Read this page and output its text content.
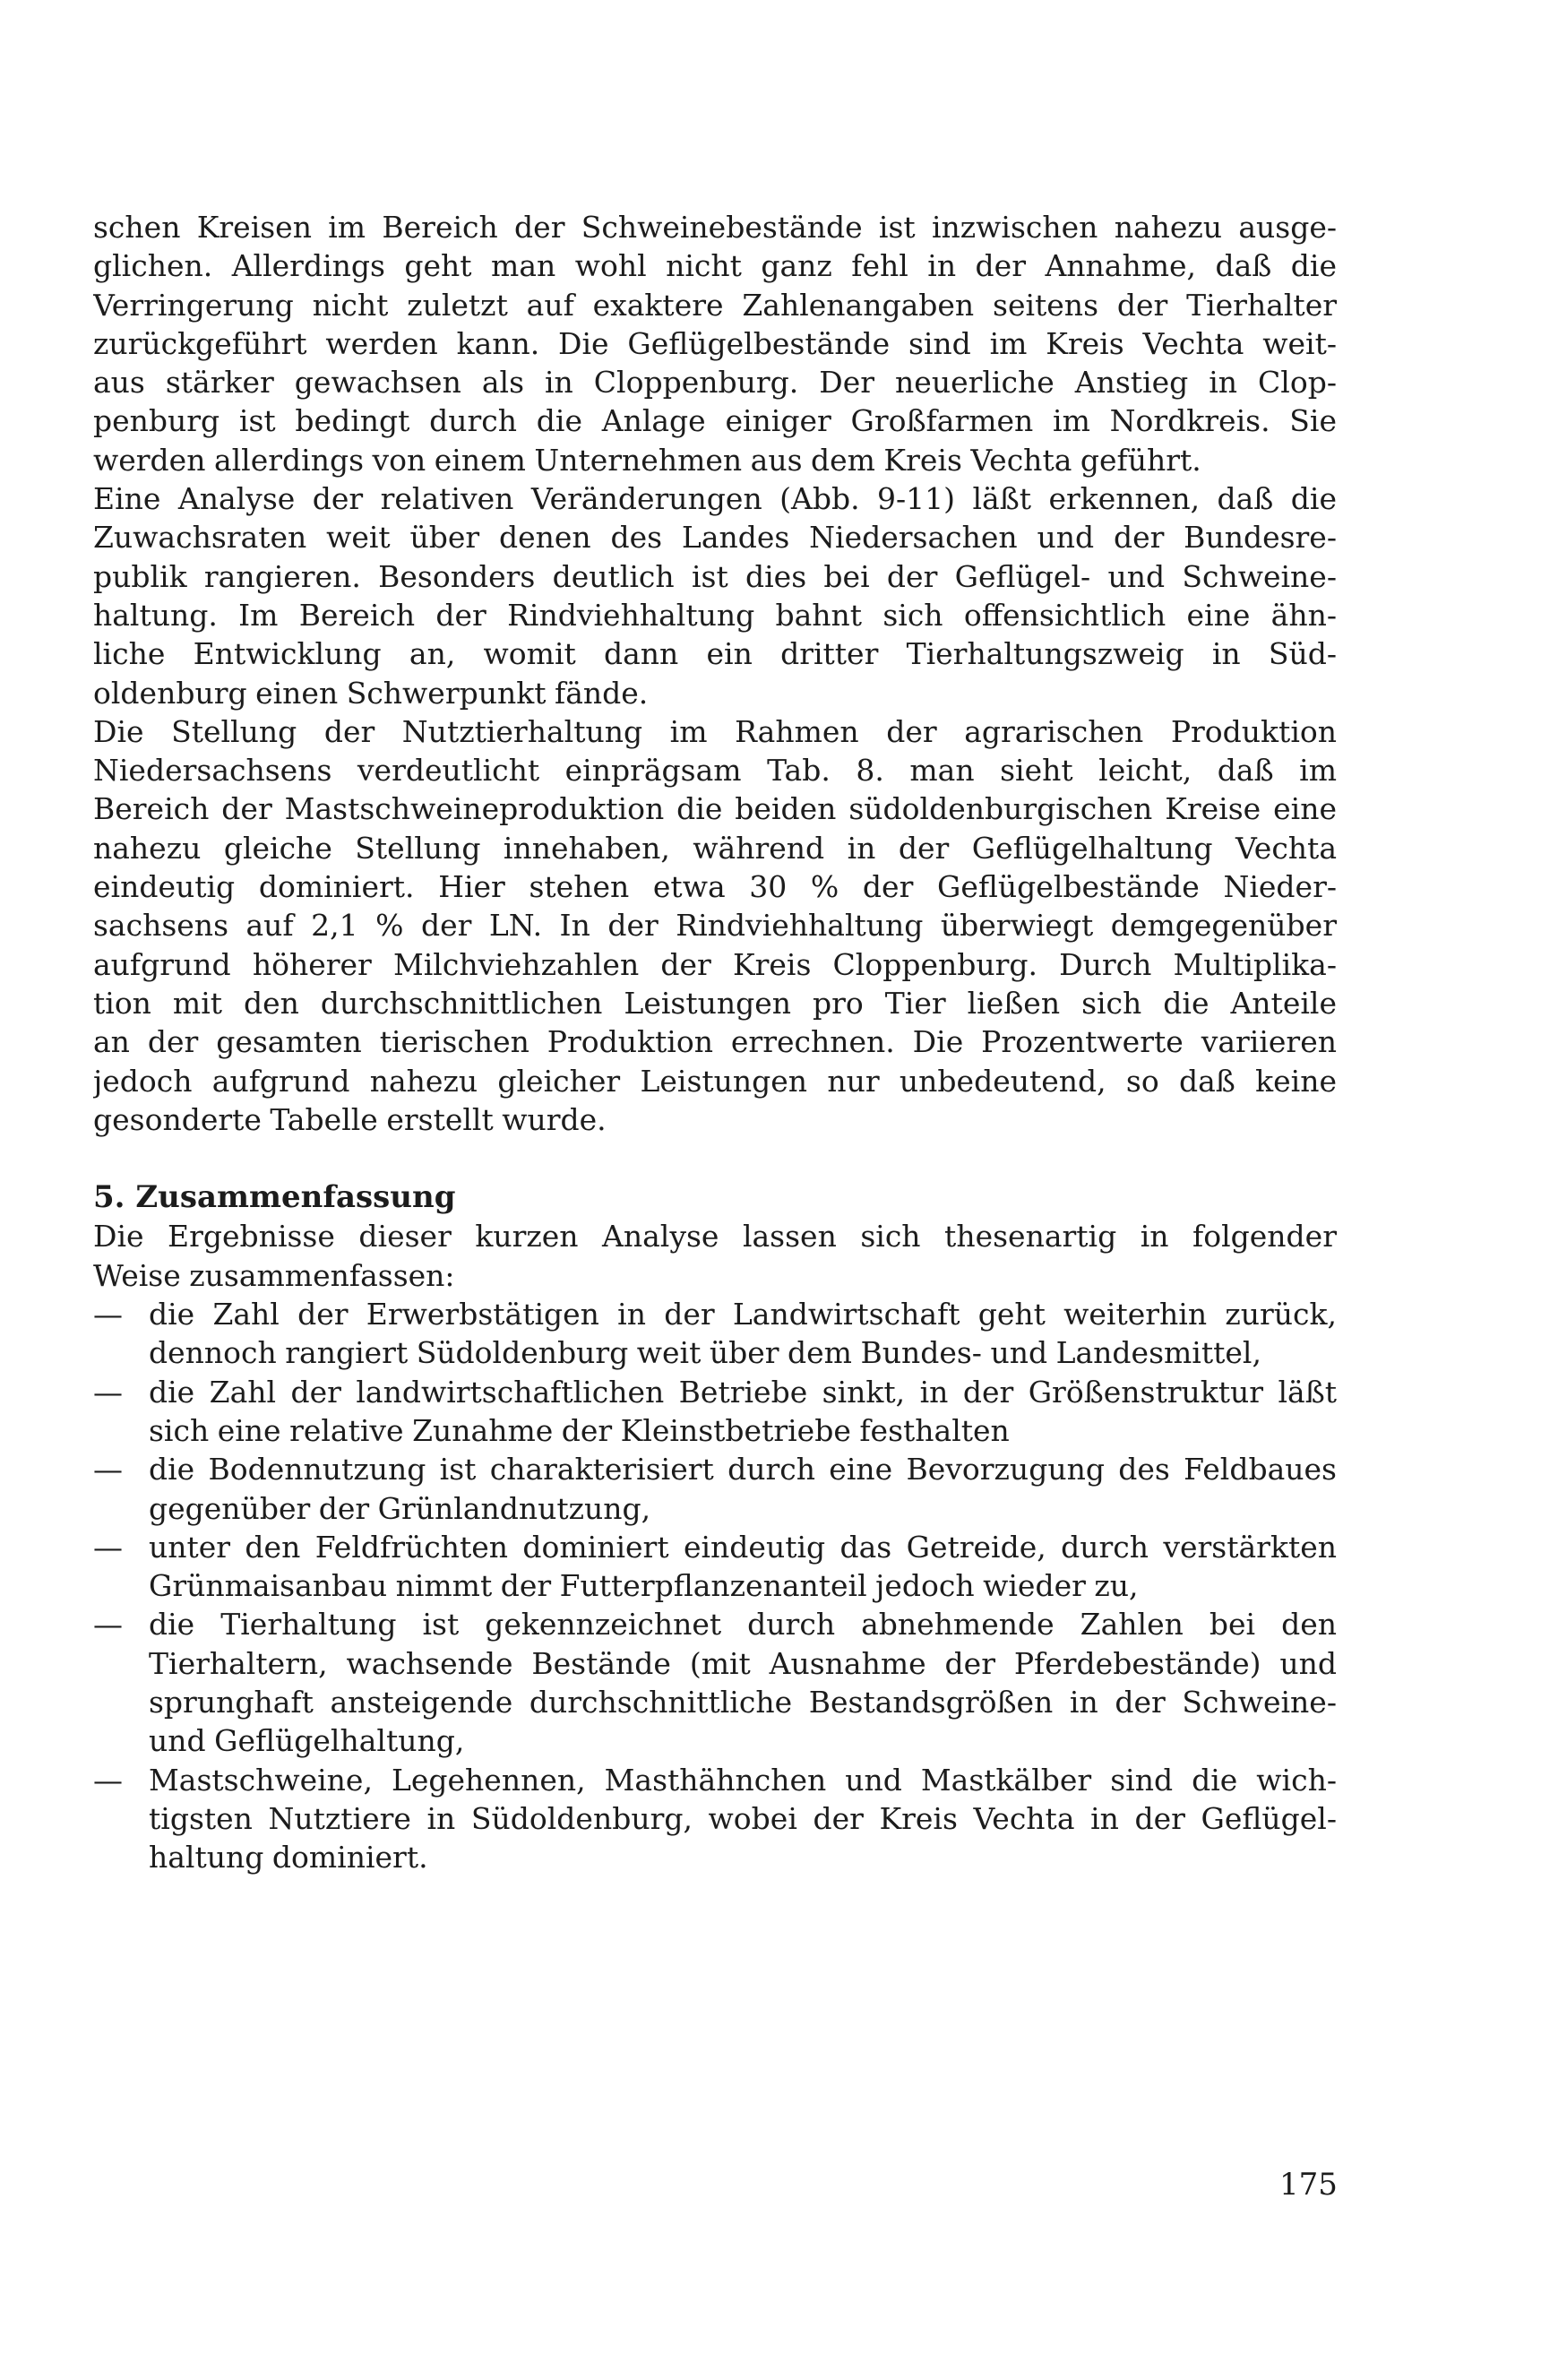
schen Kreisen im Bereich der Schweinebestände ist inzwischen nahezu ausge-
glichen. Allerdings geht man wohl nicht ganz fehl in der Annahme, daß die
Verringerung nicht zuletzt auf exaktere Zahlenangaben seitens der Tierhalter
zurückgeführt werden kann. Die Geflügelbestände sind im Kreis Vechta weit-
aus stärker gewachsen als in Cloppenburg. Der neuerliche Anstieg in Clop-
penburg ist bedingt durch die Anlage einiger Großfarmen im Nordkreis. Sie
werden allerdings von einem Unternehmen aus dem Kreis Vechta geführt.
Eine Analyse der relativen Veränderungen (Abb. 9-11) läßt erkennen, daß die
Zuwachsraten weit über denen des Landes Niedersachen und der Bundesre-
publik rangieren. Besonders deutlich ist dies bei der Geflügel- und Schweine-
haltung. Im Bereich der Rindviehhaltung bahnt sich offensichtlich eine ähn-
liche Entwicklung an, womit dann ein dritter Tierhaltungszweig in Süd-
oldenburg einen Schwerpunkt fände.
Die Stellung der Nutztierhaltung im Rahmen der agrarischen Produktion
Niedersachsens verdeutlicht einprägsam Tab. 8. man sieht leicht, daß im
Bereich der Mastschweineproduktion die beiden südoldenburgischen Kreise eine
nahezu gleiche Stellung innehaben, während in der Geflügelhaltung Vechta
eindeutig dominiert. Hier stehen etwa 30 % der Geflügelbestände Nieder-
sachsens auf 2,1 % der LN. In der Rindviehhaltung überwiegt demgegenüber
aufgrund höherer Milchviehzahlen der Kreis Cloppenburg. Durch Multiplika-
tion mit den durchschnittlichen Leistungen pro Tier ließen sich die Anteile
an der gesamten tierischen Produktion errechnen. Die Prozentwerte variieren
jedoch aufgrund nahezu gleicher Leistungen nur unbedeutend, so daß keine
gesonderte Tabelle erstellt wurde.
5. Zusammenfassung
Die Ergebnisse dieser kurzen Analyse lassen sich thesenartig in folgender
Weise zusammenfassen:
— die Zahl der Erwerbstätigen in der Landwirtschaft geht weiterhin zurück,
dennoch rangiert Südoldenburg weit über dem Bundes- und Landesmittel,
— die Zahl der landwirtschaftlichen Betriebe sinkt, in der Größenstruktur läßt
sich eine relative Zunahme der Kleinstbetriebe festhalten
— die Bodennutzung ist charakterisiert durch eine Bevorzugung des Feldbaues
gegenüber der Grünlandnutzung,
— unter den Feldfrüchten dominiert eindeutig das Getreide, durch verstärkten
Grünmaisanbau nimmt der Futterpflanzenanteil jedoch wieder zu,
— die Tierhaltung ist gekennzeichnet durch abnehmende Zahlen bei den
Tierhaltern, wachsende Bestände (mit Ausnahme der Pferdebestände) und
sprunghaft ansteigende durchschnittliche Bestandsgrößen in der Schweine-
und Geflügelhaltung,
— Mastschweine, Legehennen, Masthähnchen und Mastkälber sind die wich-
tigsten Nutztiere in Südoldenburg, wobei der Kreis Vechta in der Geflügel-
haltung dominiert.
175
